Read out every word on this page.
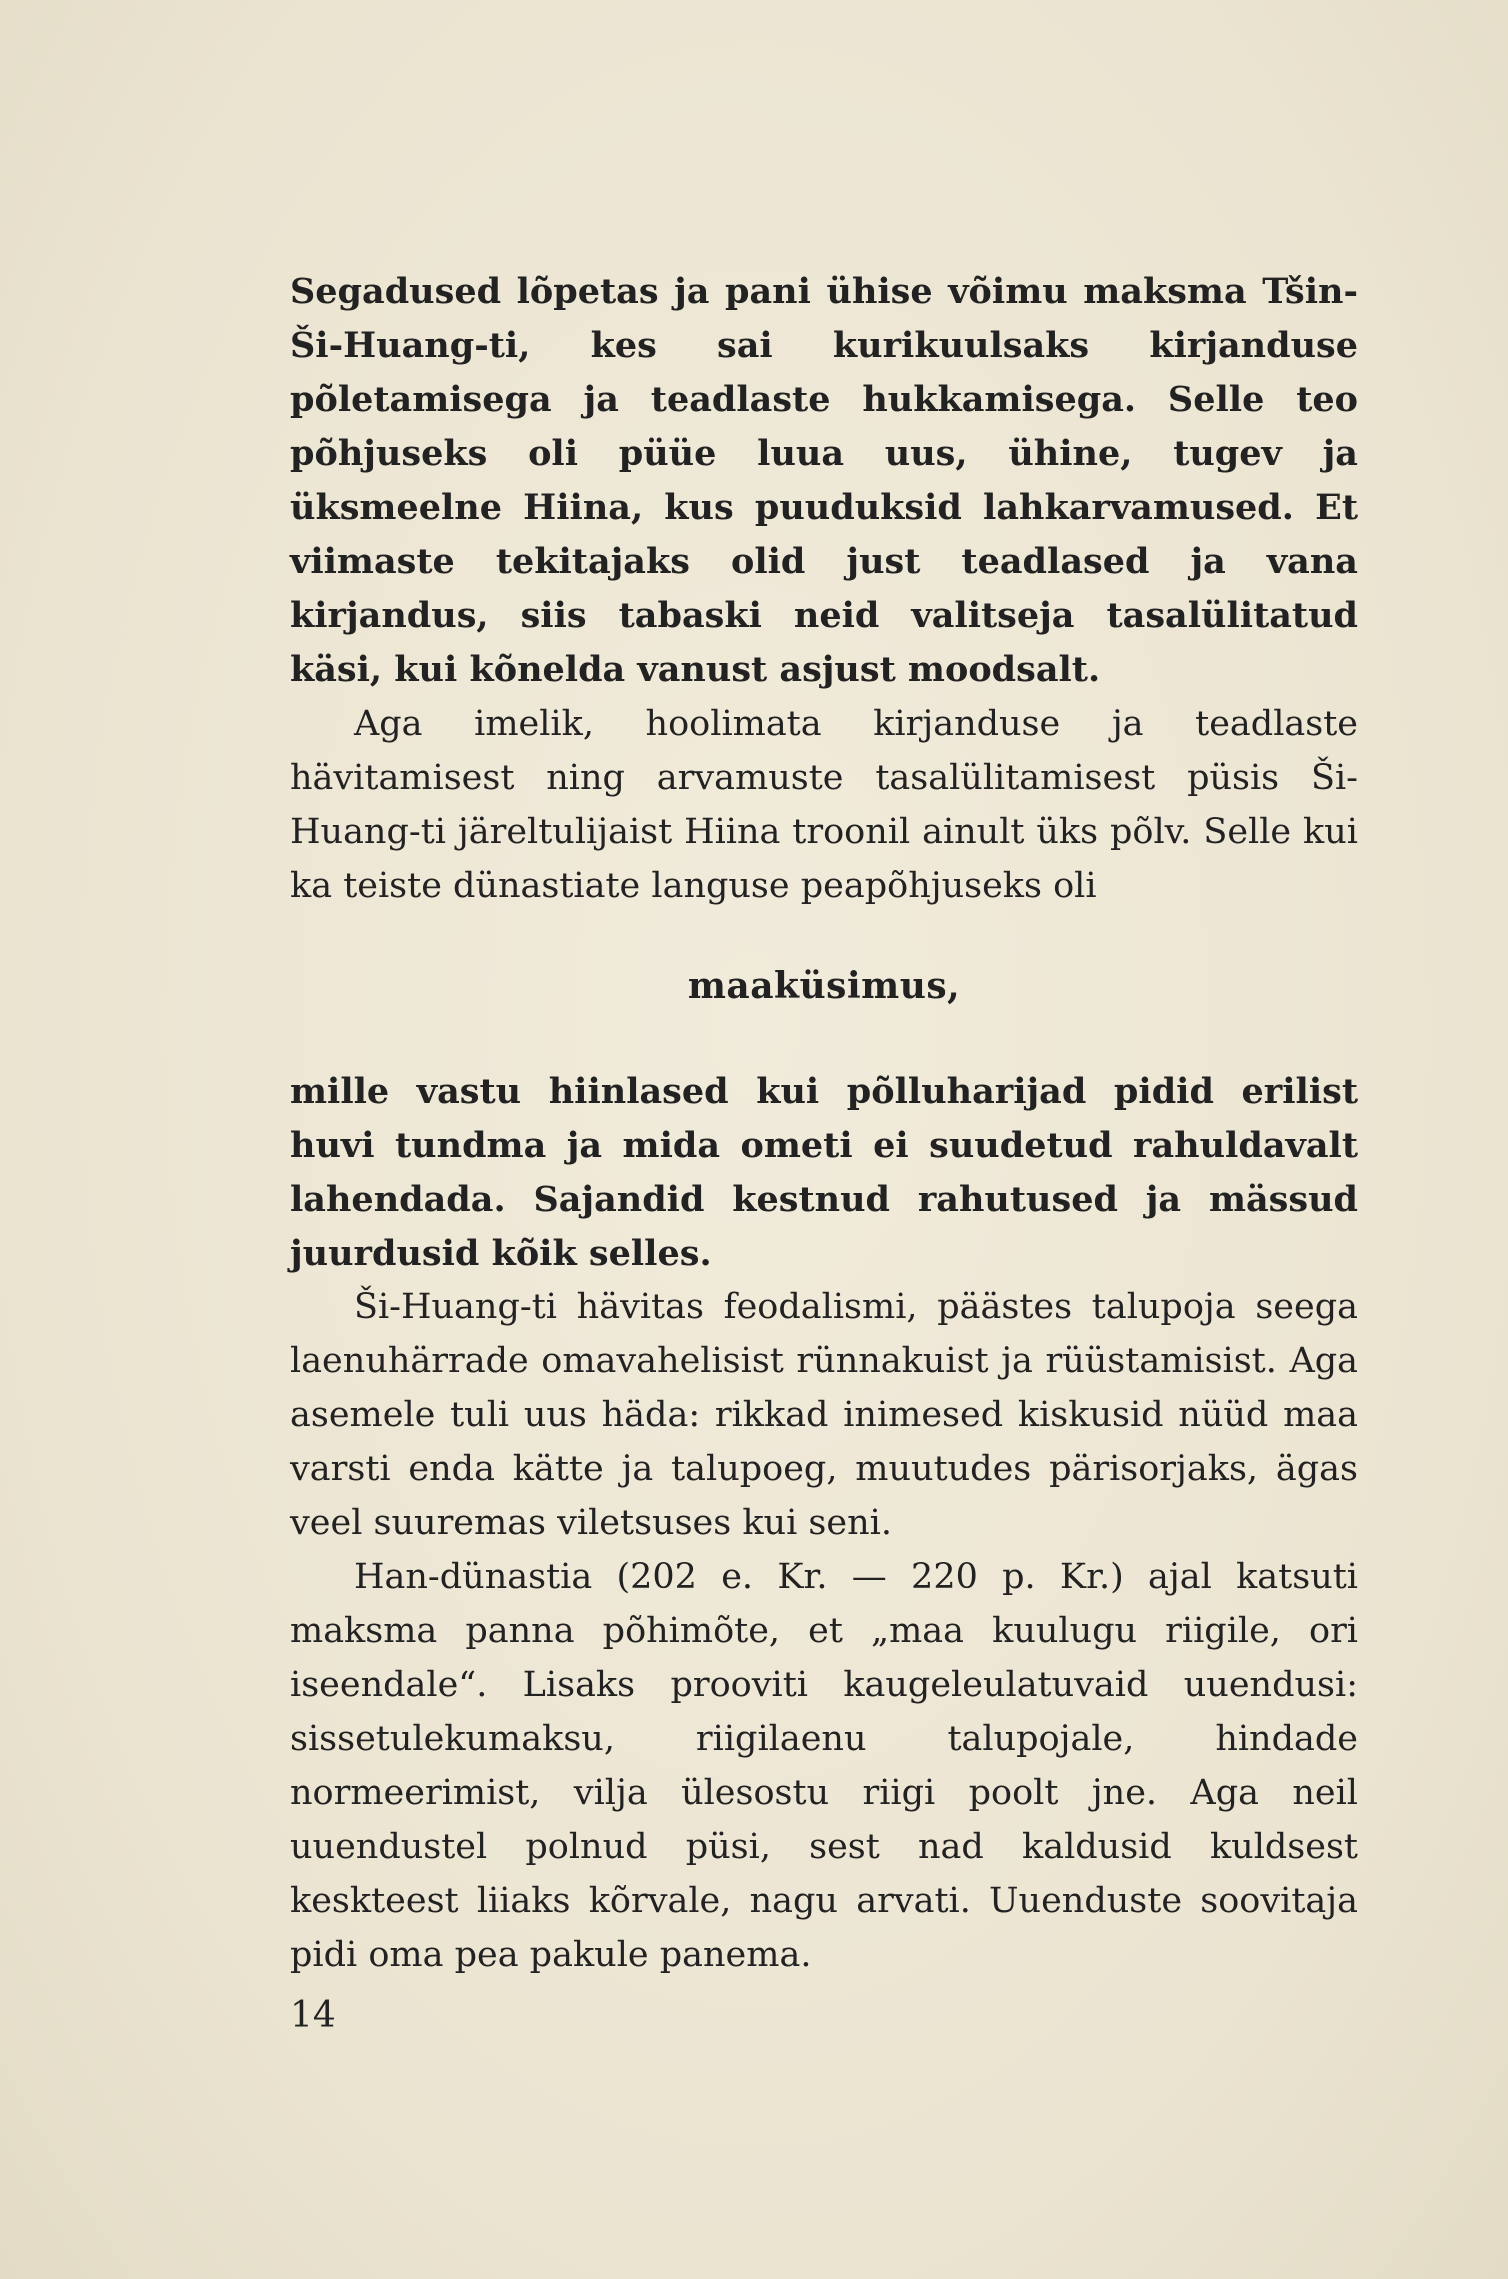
Segadused lõpetas ja pani ühise võimu maksma Tšin-Ši-Huang-ti, kes sai kurikuulsaks kirjanduse põletamisega ja teadlaste hukkamisega. Selle teo põhjuseks oli püüe luua uus, ühine, tugev ja üksmeelne Hiina, kus puuduksid lahkarvamused. Et viimaste tekitajaks olid just teadlased ja vana kirjandus, siis tabaski neid valitseja tasalülitatud käsi, kui kõnelda vanust asjust moodsalt.

Aga imelik, hoolimata kirjanduse ja teadlaste hävitamisest ning arvamuste tasalülitamisest püsis Ši-Huang-ti järeltulijaist Hiina troonil ainult üks põlv. Selle kui ka teiste dünastiate languse peapõhjuseks oli

maaküsimus,

mille vastu hiinlased kui põlluharijad pidid erilist huvi tundma ja mida ometi ei suudetud rahuldavalt lahendada. Sajandid kestnud rahutused ja mässud juurdusid kõik selles.

Ši-Huang-ti hävitas feodalismi, päästes talupoja seega laenuhärrade omavahelisist rünnakuist ja rüüstamisist. Aga asemele tuli uus häda: rikkad inimesed kiskusid nüüd maa varsti enda kätte ja talupoeg, muutudes pärisorjaks, ägas veel suuremas viletsuses kui seni.

Han-dünastia (202 e. Kr. — 220 p. Kr.) ajal katsuti maksma panna põhimõte, et „maa kuulugu riigile, ori iseendale“. Lisaks prooviti kaugeleulatuvaid uuendusi: sissetulekumaksu, riigilaenu talupojale, hindade normeerimist, vilja ülesostu riigi poolt jne. Aga neil uuendustel polnud püsi, sest nad kaldusid kuldsest keskteest liiaks kõrvale, nagu arvati. Uuenduste soovitaja pidi oma pea pakule panema.

14
